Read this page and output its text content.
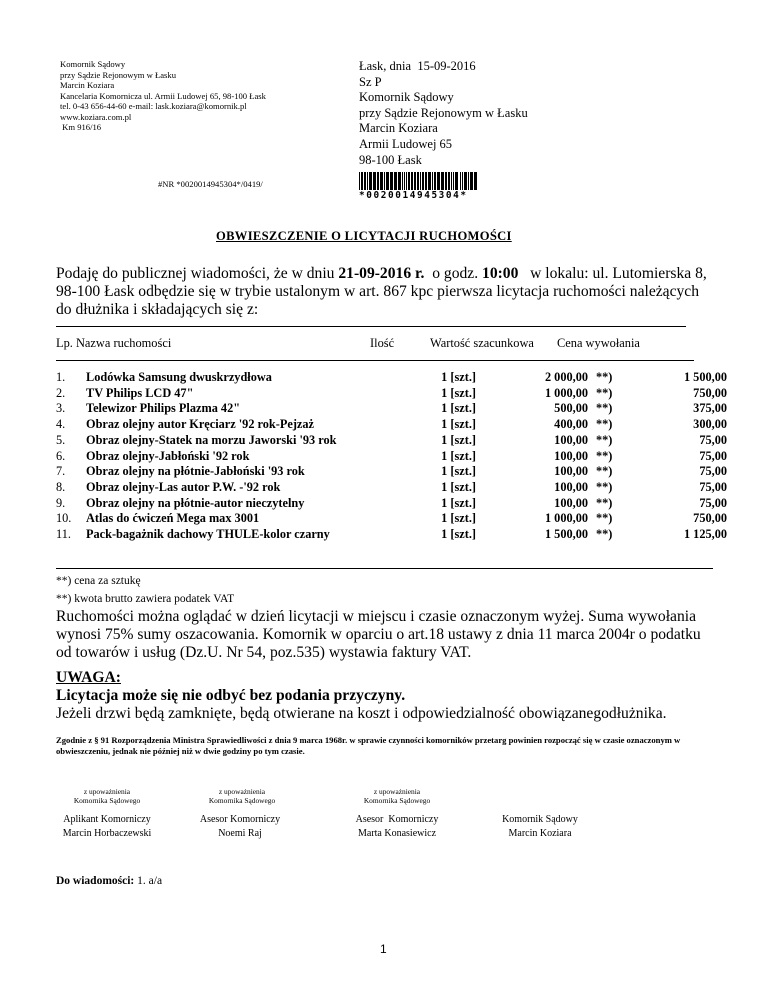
Komornik Sądowy
przy Sądzie Rejonowym w Łasku
Marcin Koziara
Kancelaria Komornicza ul. Armii Ludowej 65, 98-100 Łask
tel. 0-43 656-44-60 e-mail: lask.koziara@komornik.pl
www.koziara.com.pl
Km 916/16
Łask, dnia  15-09-2016
Sz P
Komornik Sądowy
przy Sądzie Rejonowym w Łasku
Marcin Koziara
Armii Ludowej 65
98-100 Łask
#NR *0020014945304*/0419/
*0020014945304*
OBWIESZCZENIE O LICYTACJI RUCHOMOŚCI
Podaję do publicznej wiadomości, że w dniu 21-09-2016 r.  o godz. 10:00   w lokalu: ul. Lutomierska 8, 98-100 Łask odbędzie się w trybie ustalonym w art. 867 kpc pierwsza licytacja ruchomości należących do dłużnika i składających się z:
Lp. Nazwa ruchomości	Ilość	Wartość szacunkowa Cena wywołania
1. Lodówka Samsung dwuskrzydłowa	1 [szt.]	2 000,00 **)	1 500,00
2. TV Philips LCD 47"	1 [szt.]	1 000,00 **)	750,00
3. Telewizor Philips Plazma 42"	1 [szt.]	500,00 **)	375,00
4. Obraz olejny autor Kręciarz '92 rok-Pejzaż	1 [szt.]	400,00 **)	300,00
5. Obraz olejny-Statek na morzu Jaworski '93 rok	1 [szt.]	100,00 **)	75,00
6. Obraz olejny-Jabłoński '92 rok	1 [szt.]	100,00 **)	75,00
7. Obraz olejny na płótnie-Jabłoński '93 rok	1 [szt.]	100,00 **)	75,00
8. Obraz olejny-Las autor P.W. -'92 rok	1 [szt.]	100,00 **)	75,00
9. Obraz olejny na płótnie-autor nieczytelny	1 [szt.]	100,00 **)	75,00
10. Atlas do ćwiczeń Mega max 3001	1 [szt.]	1 000,00 **)	750,00
11. Pack-bagażnik dachowy THULE-kolor czarny	1 [szt.]	1 500,00 **)	1 125,00
**) cena za sztukę
**) kwota brutto zawiera podatek VAT
Ruchomości można oglądać w dzień licytacji w miejscu i czasie oznaczonym wyżej. Suma wywołania wynosi 75% sumy oszacowania. Komornik w oparciu o art.18 ustawy z dnia 11 marca 2004r o podatku od towarów i usług (Dz.U. Nr 54, poz.535) wystawia faktury VAT.
UWAGA:
Licytacja może się nie odbyć bez podania przyczyny.
Jeżeli drzwi będą zamknięte, będą otwierane na koszt i odpowiedzialność obowiązanegodłużnika.
Zgodnie z § 91 Rozporządzenia Ministra Sprawiedliwości z dnia 9 marca 1968r. w sprawie czynności komorników przetarg powinien rozpocząć się w czasie oznaczonym w obwieszczeniu, jednak nie później niż w dwie godziny po tym czasie.
z upoważnienia
Komornika Sądowego
z upoważnienia
Komornika Sądowego
z upoważnienia
Komornika Sądowego
Aplikant Komorniczy	Asesor Komorniczy	Asesor  Komorniczy	Komornik Sądowy
Marcin Horbaczewski	Noemi Raj	Marta Konasiewicz	Marcin Koziara
Do wiadomości: 1. a/a
1
